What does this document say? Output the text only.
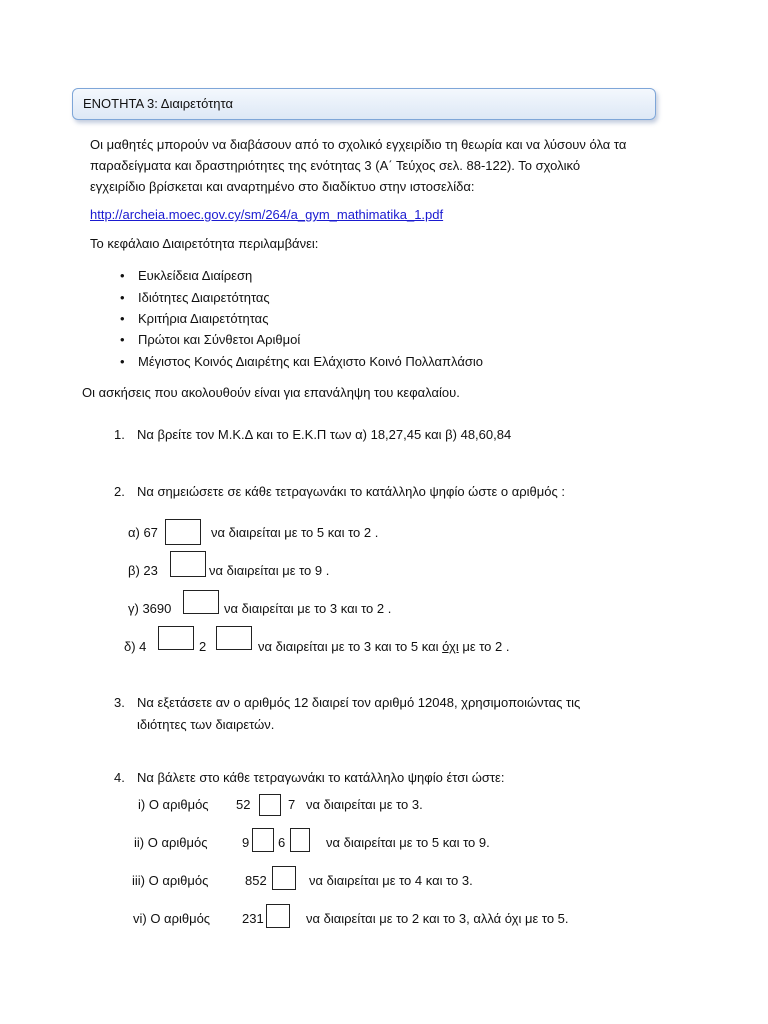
ΕΝΟΤΗΤΑ 3: Διαιρετότητα
Οι μαθητές μπορούν να διαβάσουν από το σχολικό εγχειρίδιο τη θεωρία και να λύσουν όλα τα
παραδείγματα και δραστηριότητες της ενότητας 3 (Α΄ Τεύχος σελ. 88-122). Το σχολικό
εγχειρίδιο βρίσκεται και αναρτημένο στο διαδίκτυο στην ιστοσελίδα:
http://archeia.moec.gov.cy/sm/264/a_gym_mathimatika_1.pdf
Το κεφάλαιο Διαιρετότητα περιλαμβάνει:
• Ευκλείδεια Διαίρεση
• Ιδιότητες Διαιρετότητας
• Κριτήρια Διαιρετότητας
• Πρώτοι και Σύνθετοι Αριθμοί
• Μέγιστος Κοινός Διαιρέτης και Ελάχιστο Κοινό Πολλαπλάσιο
Οι ασκήσεις που ακολουθούν είναι για επανάληψη του κεφαλαίου.
1. Να βρείτε τον Μ.Κ.Δ και το Ε.Κ.Π των α) 18,27,45 και β) 48,60,84
2. Να σημειώσετε σε κάθε τετραγωνάκι το κατάλληλο ψηφίο ώστε ο αριθμός :
α) 67	να διαιρείται με το 5 και το 2 .
β) 23	να διαιρείται με το 9 .
γ) 3690	να διαιρείται με το 3 και το 2 .
δ) 4	2	να διαιρείται με το 3 και το 5 και όχι με το 2 .
3. Να εξετάσετε αν ο αριθμός 12 διαιρεί τον αριθμό 12048, χρησιμοποιώντας τις
ιδιότητες των διαιρετών.
4. Να βάλετε στο κάθε τετραγωνάκι το κατάλληλο ψηφίο έτσι ώστε:
i) Ο αριθμός 52	7 να διαιρείται με το 3.
ii) Ο αριθμός	9 6	να διαιρείται με το 5 και το 9.
iii) Ο αριθμός	852	να διαιρείται με το 4 και το 3.
vi) Ο αριθμός 231	να διαιρείται με το 2 και το 3, αλλά όχι με το 5.
